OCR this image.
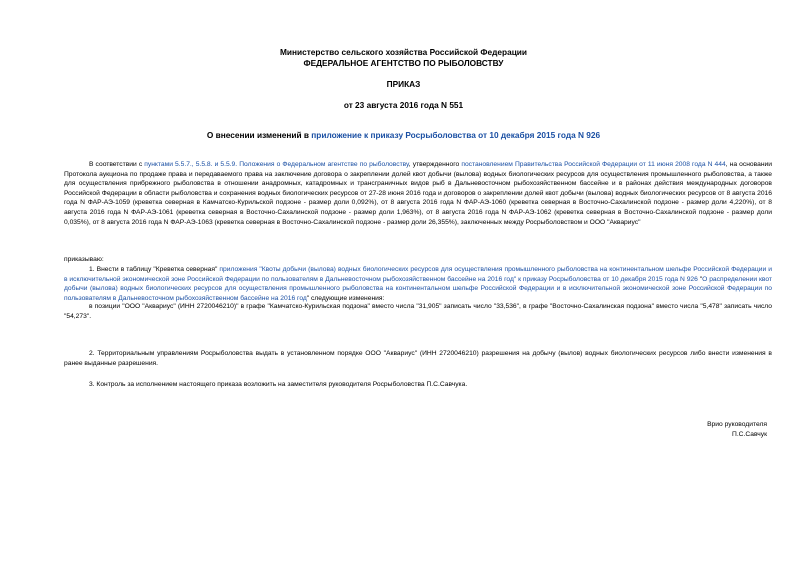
Министерство сельского хозяйства Российской Федерации
ФЕДЕРАЛЬНОЕ АГЕНТСТВО ПО РЫБОЛОВСТВУ
ПРИКАЗ
от 23 августа 2016 года N 551
О внесении изменений в приложение к приказу Росрыболовства от 10 декабря 2015 года N 926

В соответствии с пунктами 5.5.7., 5.5.8. и 5.5.9. Положения о Федеральном агентстве по рыболовству, утвержденного постановлением Правительства Российской Федерации от 11 июня 2008 года N 444, на основании Протокола аукциона по продаже права и передаваемого права на заключение договора о закреплении долей квот добычи (вылова) водных биологических ресурсов для осуществления промышленного рыболовства, а также для осуществления прибрежного рыболовства в отношении анадромных, катадромных и трансграничных видов рыб в Дальневосточном рыбохозяйственном бассейне и в районах действия международных договоров Российской Федерации в области рыболовства и сохранения водных биологических ресурсов от 27-28 июня 2016 года и договоров о закреплении долей квот добычи (вылова) водных биологических ресурсов от 8 августа 2016 года N ФАР-АЭ-1059 (креветка северная в Камчатско-Курильской подзоне - размер доли 0,092%), от 8 августа 2016 года N ФАР-АЭ-1060 (креветка северная в Восточно-Сахалинской подзоне - размер доли 4,220%), от 8 августа 2016 года N ФАР-АЭ-1061 (креветка северная в Восточно-Сахалинской подзоне - размер доли 1,963%), от 8 августа 2016 года N ФАР-АЭ-1062 (креветка северная в Восточно-Сахалинской подзоне - размер доли 0,035%), от 8 августа 2016 года N ФАР-АЭ-1063 (креветка северная в Восточно-Сахалинской подзоне - размер доли 26,355%), заключенных между Росрыболовством и ООО "Аквариус"

приказываю:

1. Внести в таблицу "Креветка северная" приложения "Квоты добычи (вылова) водных биологических ресурсов для осуществления промышленного рыболовства на континентальном шельфе Российской Федерации и в исключительной экономической зоне Российской Федерации по пользователям в Дальневосточном рыбохозяйственном бассейне на 2016 год" к приказу Росрыболовства от 10 декабря 2015 года N 926 "О распределении квот добычи (вылова) водных биологических ресурсов для осуществления промышленного рыболовства на континентальном шельфе Российской Федерации и в исключительной экономической зоне Российской Федерации по пользователям в Дальневосточном рыбохозяйственном бассейне на 2016 год" следующие изменения:

в позиции "ООО "Аквариус" (ИНН 2720046210)" в графе "Камчатско-Курильская подзона" вместо числа "31,905" записать число "33,536", в графе "Восточно-Сахалинская подзона" вместо числа "5,478" записать число "54,273".

2. Территориальным управлениям Росрыболовства выдать в установленном порядке ООО "Аквариус" (ИНН 2720046210) разрешения на добычу (вылов) водных биологических ресурсов либо внести изменения в ранее выданные разрешения.

3. Контроль за исполнением настоящего приказа возложить на заместителя руководителя Росрыболовства П.С.Савчука.

Врио руководителя
П.С.Савчук
